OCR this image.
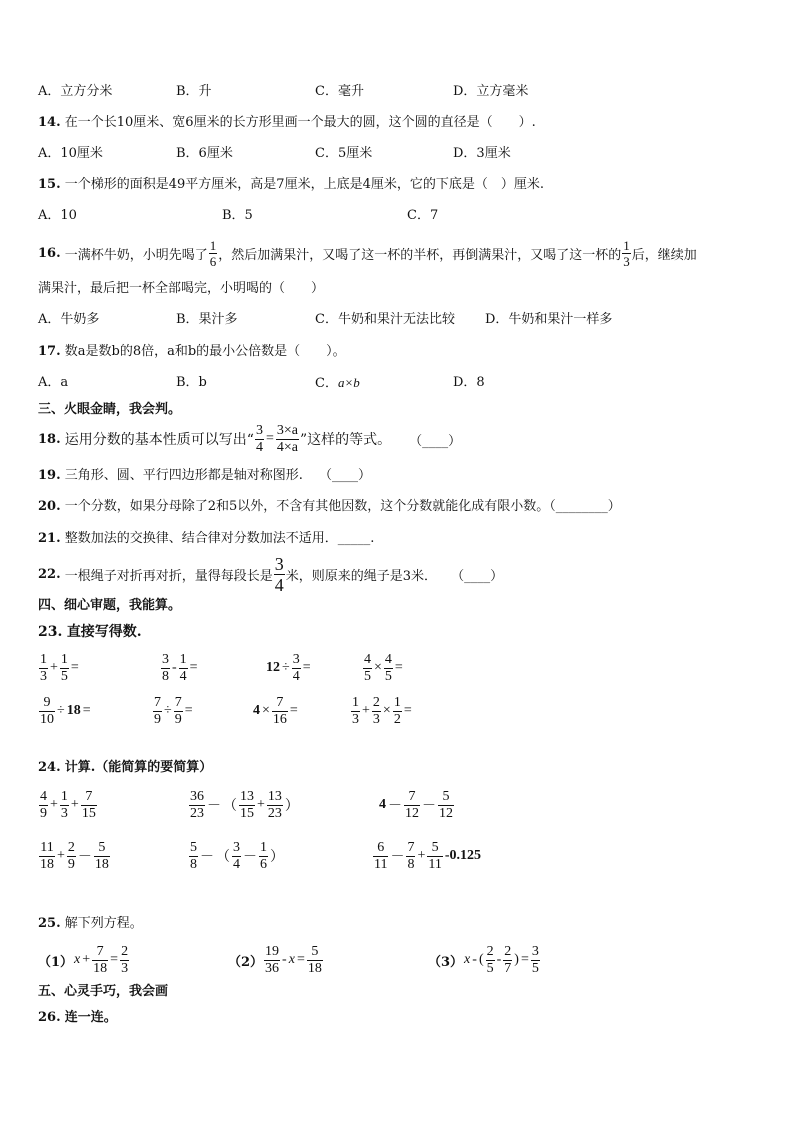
A．立方分米	B．升	C．毫升	D．立方毫米
14. 在一个长10厘米、宽6厘米的长方形里画一个最大的圆，这个圆的直径是（　　）.
A．10厘米	B．6厘米	C．5厘米	D．3厘米
15. 一个梯形的面积是49平方厘米，高是7厘米，上底是4厘米，它的下底是（　）厘米.
A．10	B．5	C．7
16.
一满杯牛奶，小明先喝了 $\frac{1}{6}$ ，然后加满果汁，又喝了这一杯的半杯，再倒满果汁，又喝了这一杯的 $\frac{1}{3}$ 后，继续加
满果汁，最后把一杯全部喝完，小明喝的（　　）
A．牛奶多	B．果汁多	C．牛奶和果汁无法比较 D．牛奶和果汁一样多
17. 数a是数b的8倍，a和b的最小公倍数是（　　）。
A．a	B．b	C．a×b	D．8
三、火眼金睛，我会判。
18.
运用分数的基本性质可以写出“ $\frac{3}{4} = \frac{3\times a}{4\times a}$ ”这样的等式。 （____）
19. 三角形、圆、平行四边形都是轴对称图形. （____）
20. 一个分数，如果分母除了2和5以外，不含有其他因数，这个分数就能化成有限小数。（________）
21. 整数加法的交换律、结合律对分数加法不适用．_____.
22.
一根绳子对折再对折，量得每段长是 $\frac{3}{4}$ 米，则原来的绳子是3米． （____）
四、细心审题，我能算。
23. 直接写得数.
$\frac{1}{3} + \frac{1}{5}$ =	$\frac{3}{8} - \frac{1}{4}$ =	$12 \div \frac{3}{4}$ =	$\frac{4}{5} \times \frac{4}{5}$ =
$\frac{9}{10} \div 18$ =	$\frac{7}{9} \div \frac{7}{9}$ =	$4 \times \frac{7}{16}$ =	$\frac{1}{3} + \frac{2}{3} \times \frac{1}{2}$ =
24. 计算.（能简算的要简算）
$\frac{4}{9} + \frac{1}{3} + \frac{7}{15}$	$\frac{36}{23}$ － （ $\frac{13}{15} + \frac{13}{23}$ ）	$4 - \frac{7}{12} - \frac{5}{12}$
$\frac{11}{18} + \frac{2}{9} - \frac{5}{18}$	$\frac{5}{8}$ － （ $\frac{3}{4} - \frac{1}{6}$ ）	$\frac{6}{11} - \frac{7}{8} + \frac{5}{11} -0.125$
25. 解下列方程。
（1） $x + \frac{7}{18} = \frac{2}{3}$	$(2) \frac{19}{36} - x = \frac{5}{18}$	（3） x - ( $\frac{2}{5} - \frac{2}{7}$ ) = $\frac{3}{5}$
五、心灵手巧，我会画
26. 连一连。
